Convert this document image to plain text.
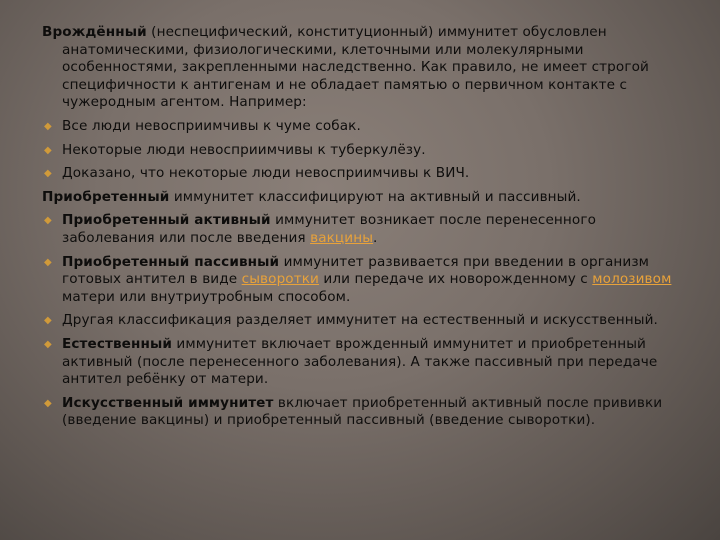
Врождённый (неспецифический, конституционный) иммунитет обусловлен анатомическими, физиологическими, клеточными или молекулярными особенностями, закрепленными наследственно. Как правило, не имеет строгой специфичности к антигенам и не обладает памятью о первичном контакте с чужеродным агентом. Например:

◆ Все люди невосприимчивы к чуме собак.
◆ Некоторые люди невосприимчивы к туберкулёзу.
◆ Доказано, что некоторые люди невосприимчивы к ВИЧ.

Приобретенный иммунитет классифицируют на активный и пассивный.

◆ Приобретенный активный иммунитет возникает после перенесенного заболевания или после введения вакцины.
◆ Приобретенный пассивный иммунитет развивается при введении в организм готовых антител в виде сыворотки или передаче их новорожденному с молозивом матери или внутриутробным способом.
◆ Другая классификация разделяет иммунитет на естественный и искусственный.
◆ Естественный иммунитет включает врожденный иммунитет и приобретенный активный (после перенесенного заболевания). А также пассивный при передаче антител ребёнку от матери.
◆ Искусственный иммунитет включает приобретенный активный после прививки (введение вакцины) и приобретенный пассивный (введение сыворотки).
